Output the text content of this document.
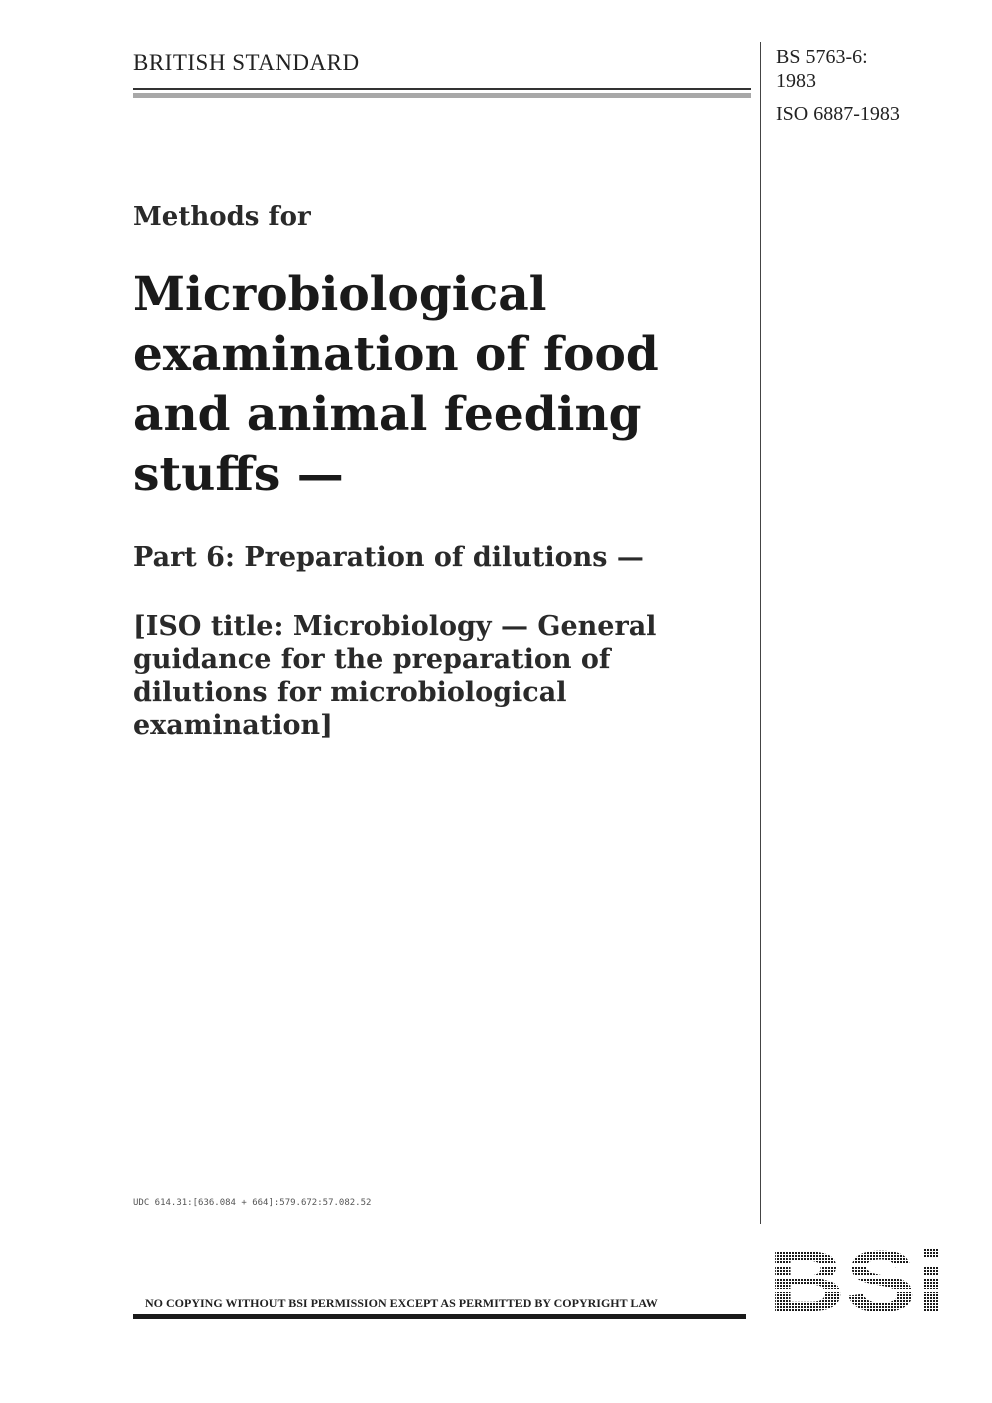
BRITISH STANDARD	BS 5763-6:
1983
ISO 6887-1983
Methods for
Microbiological
examination of food
and animal feeding
stuffs —
Part 6: Preparation of dilutions —
[ISO title: Microbiology — General
guidance for the preparation of
dilutions for microbiological
examination]
UDC 614.31:[636.084 + 664]:579.672:57.082.52
NO COPYING WITHOUT BSI PERMISSION EXCEPT AS PERMITTED BY COPYRIGHT LAW
